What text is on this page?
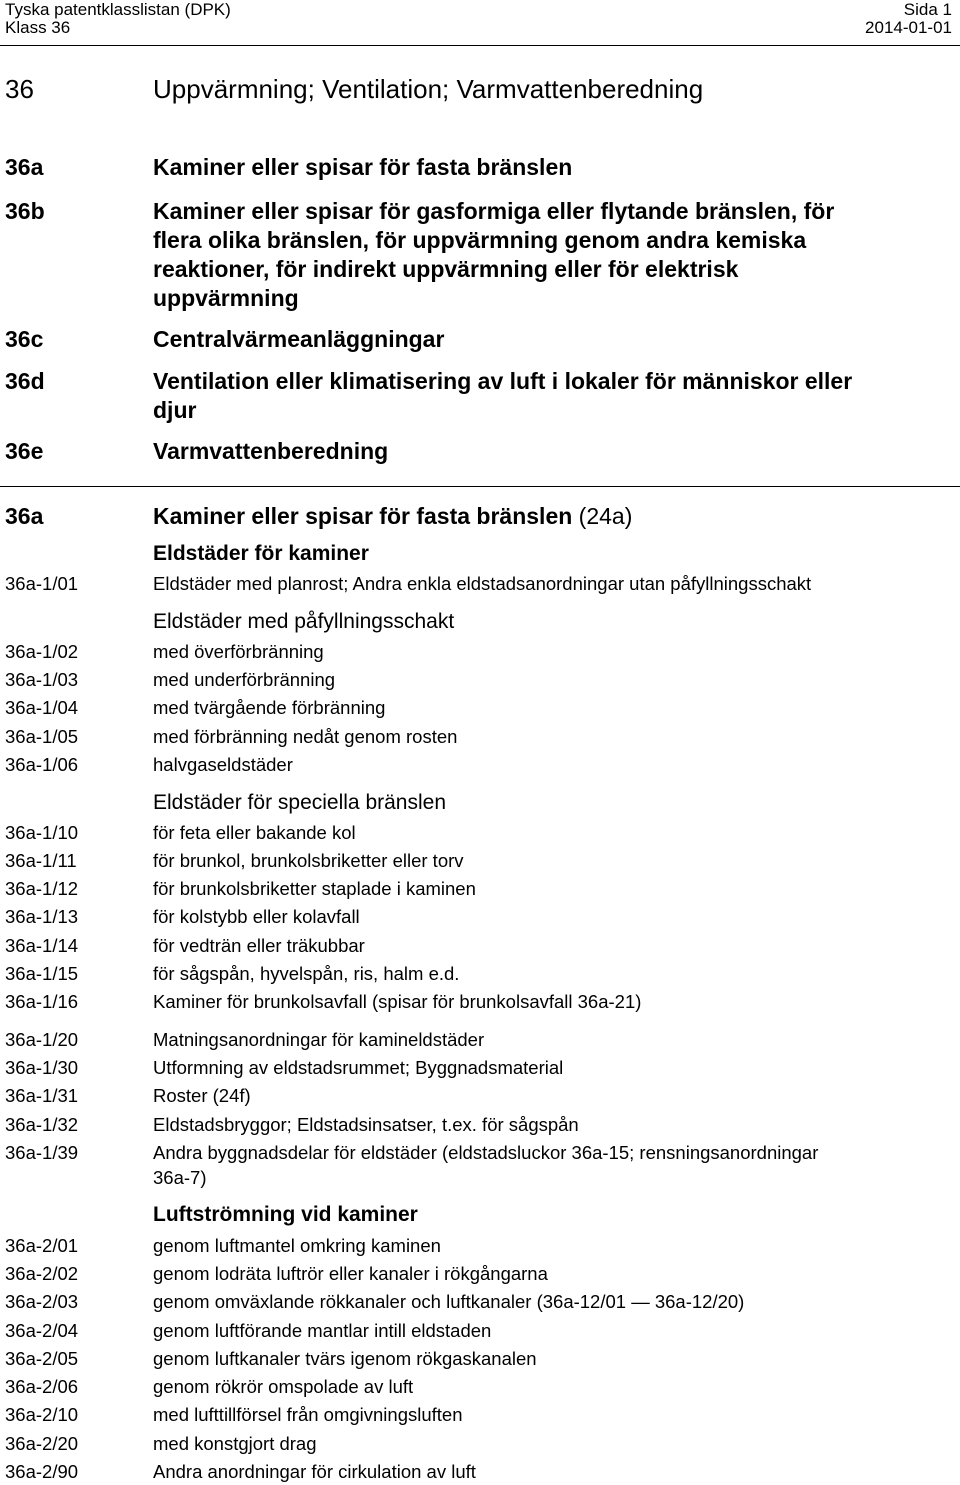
Tyska patentklasslistan (DPK)	Sida 1
Klass 36	2014-01-01
36	Uppvärmning; Ventilation; Varmvattenberedning
36a	Kaminer eller spisar för fasta bränslen
36b	Kaminer eller spisar för gasformiga eller flytande bränslen, för
flera olika bränslen, för uppvärmning genom andra kemiska
reaktioner, för indirekt uppvärmning eller för elektrisk
uppvärmning
36c	Centralvärmeanläggningar
36d	Ventilation eller klimatisering av luft i lokaler för människor eller
djur
36e	Varmvattenberedning
36a	Kaminer eller spisar för fasta bränslen (24a)
Eldstäder för kaminer
36a-1/01	Eldstäder med planrost; Andra enkla eldstadsanordningar utan påfyllningsschakt
Eldstäder med påfyllningsschakt
36a-1/02	med överförbränning
36a-1/03	med underförbränning
36a-1/04	med tvärgående förbränning
36a-1/05	med förbränning nedåt genom rosten
36a-1/06	halvgaseldstäder
Eldstäder för speciella bränslen
36a-1/10	för feta eller bakande kol
36a-1/11	för brunkol, brunkolsbriketter eller torv
36a-1/12	för brunkolsbriketter staplade i kaminen
36a-1/13	för kolstybb eller kolavfall
36a-1/14	för vedträn eller träkubbar
36a-1/15	för sågspån, hyvelspån, ris, halm e.d.
36a-1/16	Kaminer för brunkolsavfall (spisar för brunkolsavfall 36a-21)
36a-1/20	Matningsanordningar för kamineldstäder
36a-1/30	Utformning av eldstadsrummet; Byggnadsmaterial
36a-1/31	Roster (24f)
36a-1/32	Eldstadsbryggor; Eldstadsinsatser, t.ex. för sågspån
36a-1/39	Andra byggnadsdelar för eldstäder (eldstadsluckor 36a-15; rensningsanordningar
36a-7)
Luftströmning vid kaminer
36a-2/01	genom luftmantel omkring kaminen
36a-2/02	genom lodräta luftrör eller kanaler i rökgångarna
36a-2/03	genom omväxlande rökkanaler och luftkanaler (36a-12/01 — 36a-12/20)
36a-2/04	genom luftförande mantlar intill eldstaden
36a-2/05	genom luftkanaler tvärs igenom rökgaskanalen
36a-2/06	genom rökrör omspolade av luft
36a-2/10	med lufttillförsel från omgivningsluften
36a-2/20	med konstgjort drag
36a-2/90	Andra anordningar för cirkulation av luft
